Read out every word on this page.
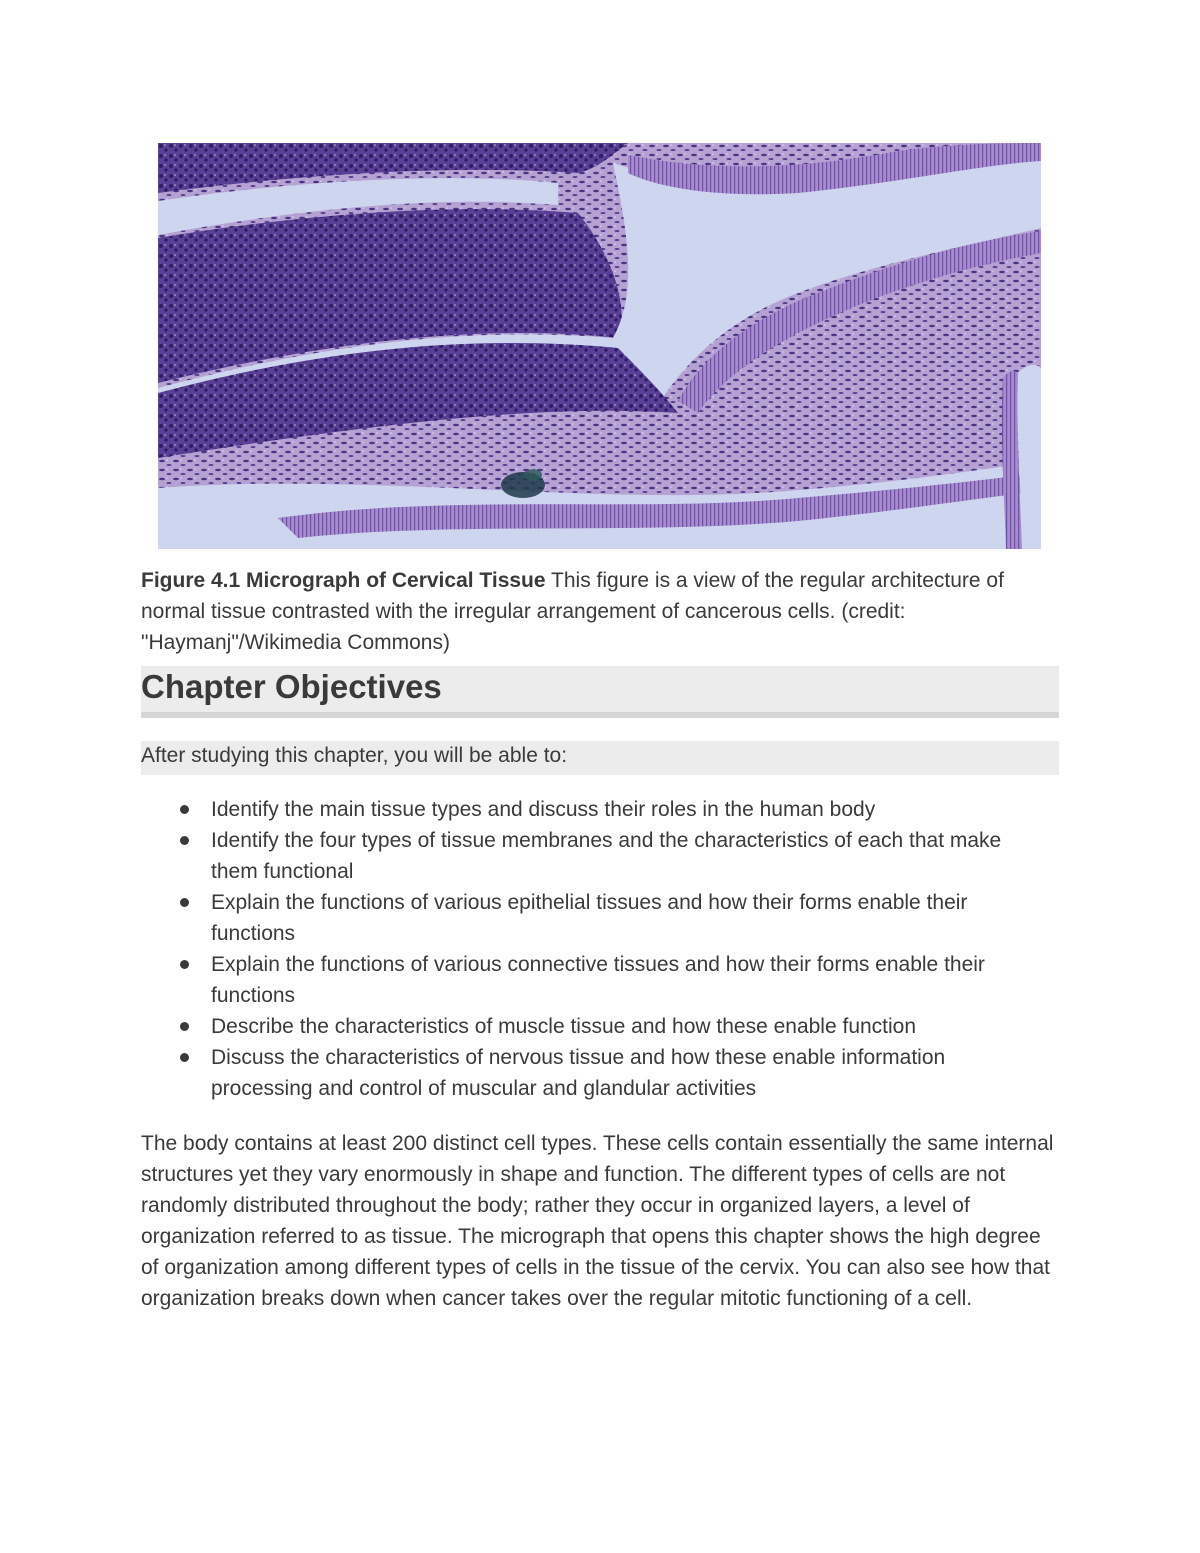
Figure 4.1 Micrograph of Cervical Tissue This figure is a view of the regular architecture of normal tissue contrasted with the irregular arrangement of cancerous cells. (credit: "Haymanj"/Wikimedia Commons)

Chapter Objectives

After studying this chapter, you will be able to:

Identify the main tissue types and discuss their roles in the human body
Identify the four types of tissue membranes and the characteristics of each that make them functional
Explain the functions of various epithelial tissues and how their forms enable their functions
Explain the functions of various connective tissues and how their forms enable their functions
Describe the characteristics of muscle tissue and how these enable function
Discuss the characteristics of nervous tissue and how these enable information processing and control of muscular and glandular activities

The body contains at least 200 distinct cell types. These cells contain essentially the same internal structures yet they vary enormously in shape and function. The different types of cells are not randomly distributed throughout the body; rather they occur in organized layers, a level of organization referred to as tissue. The micrograph that opens this chapter shows the high degree of organization among different types of cells in the tissue of the cervix. You can also see how that organization breaks down when cancer takes over the regular mitotic functioning of a cell.
